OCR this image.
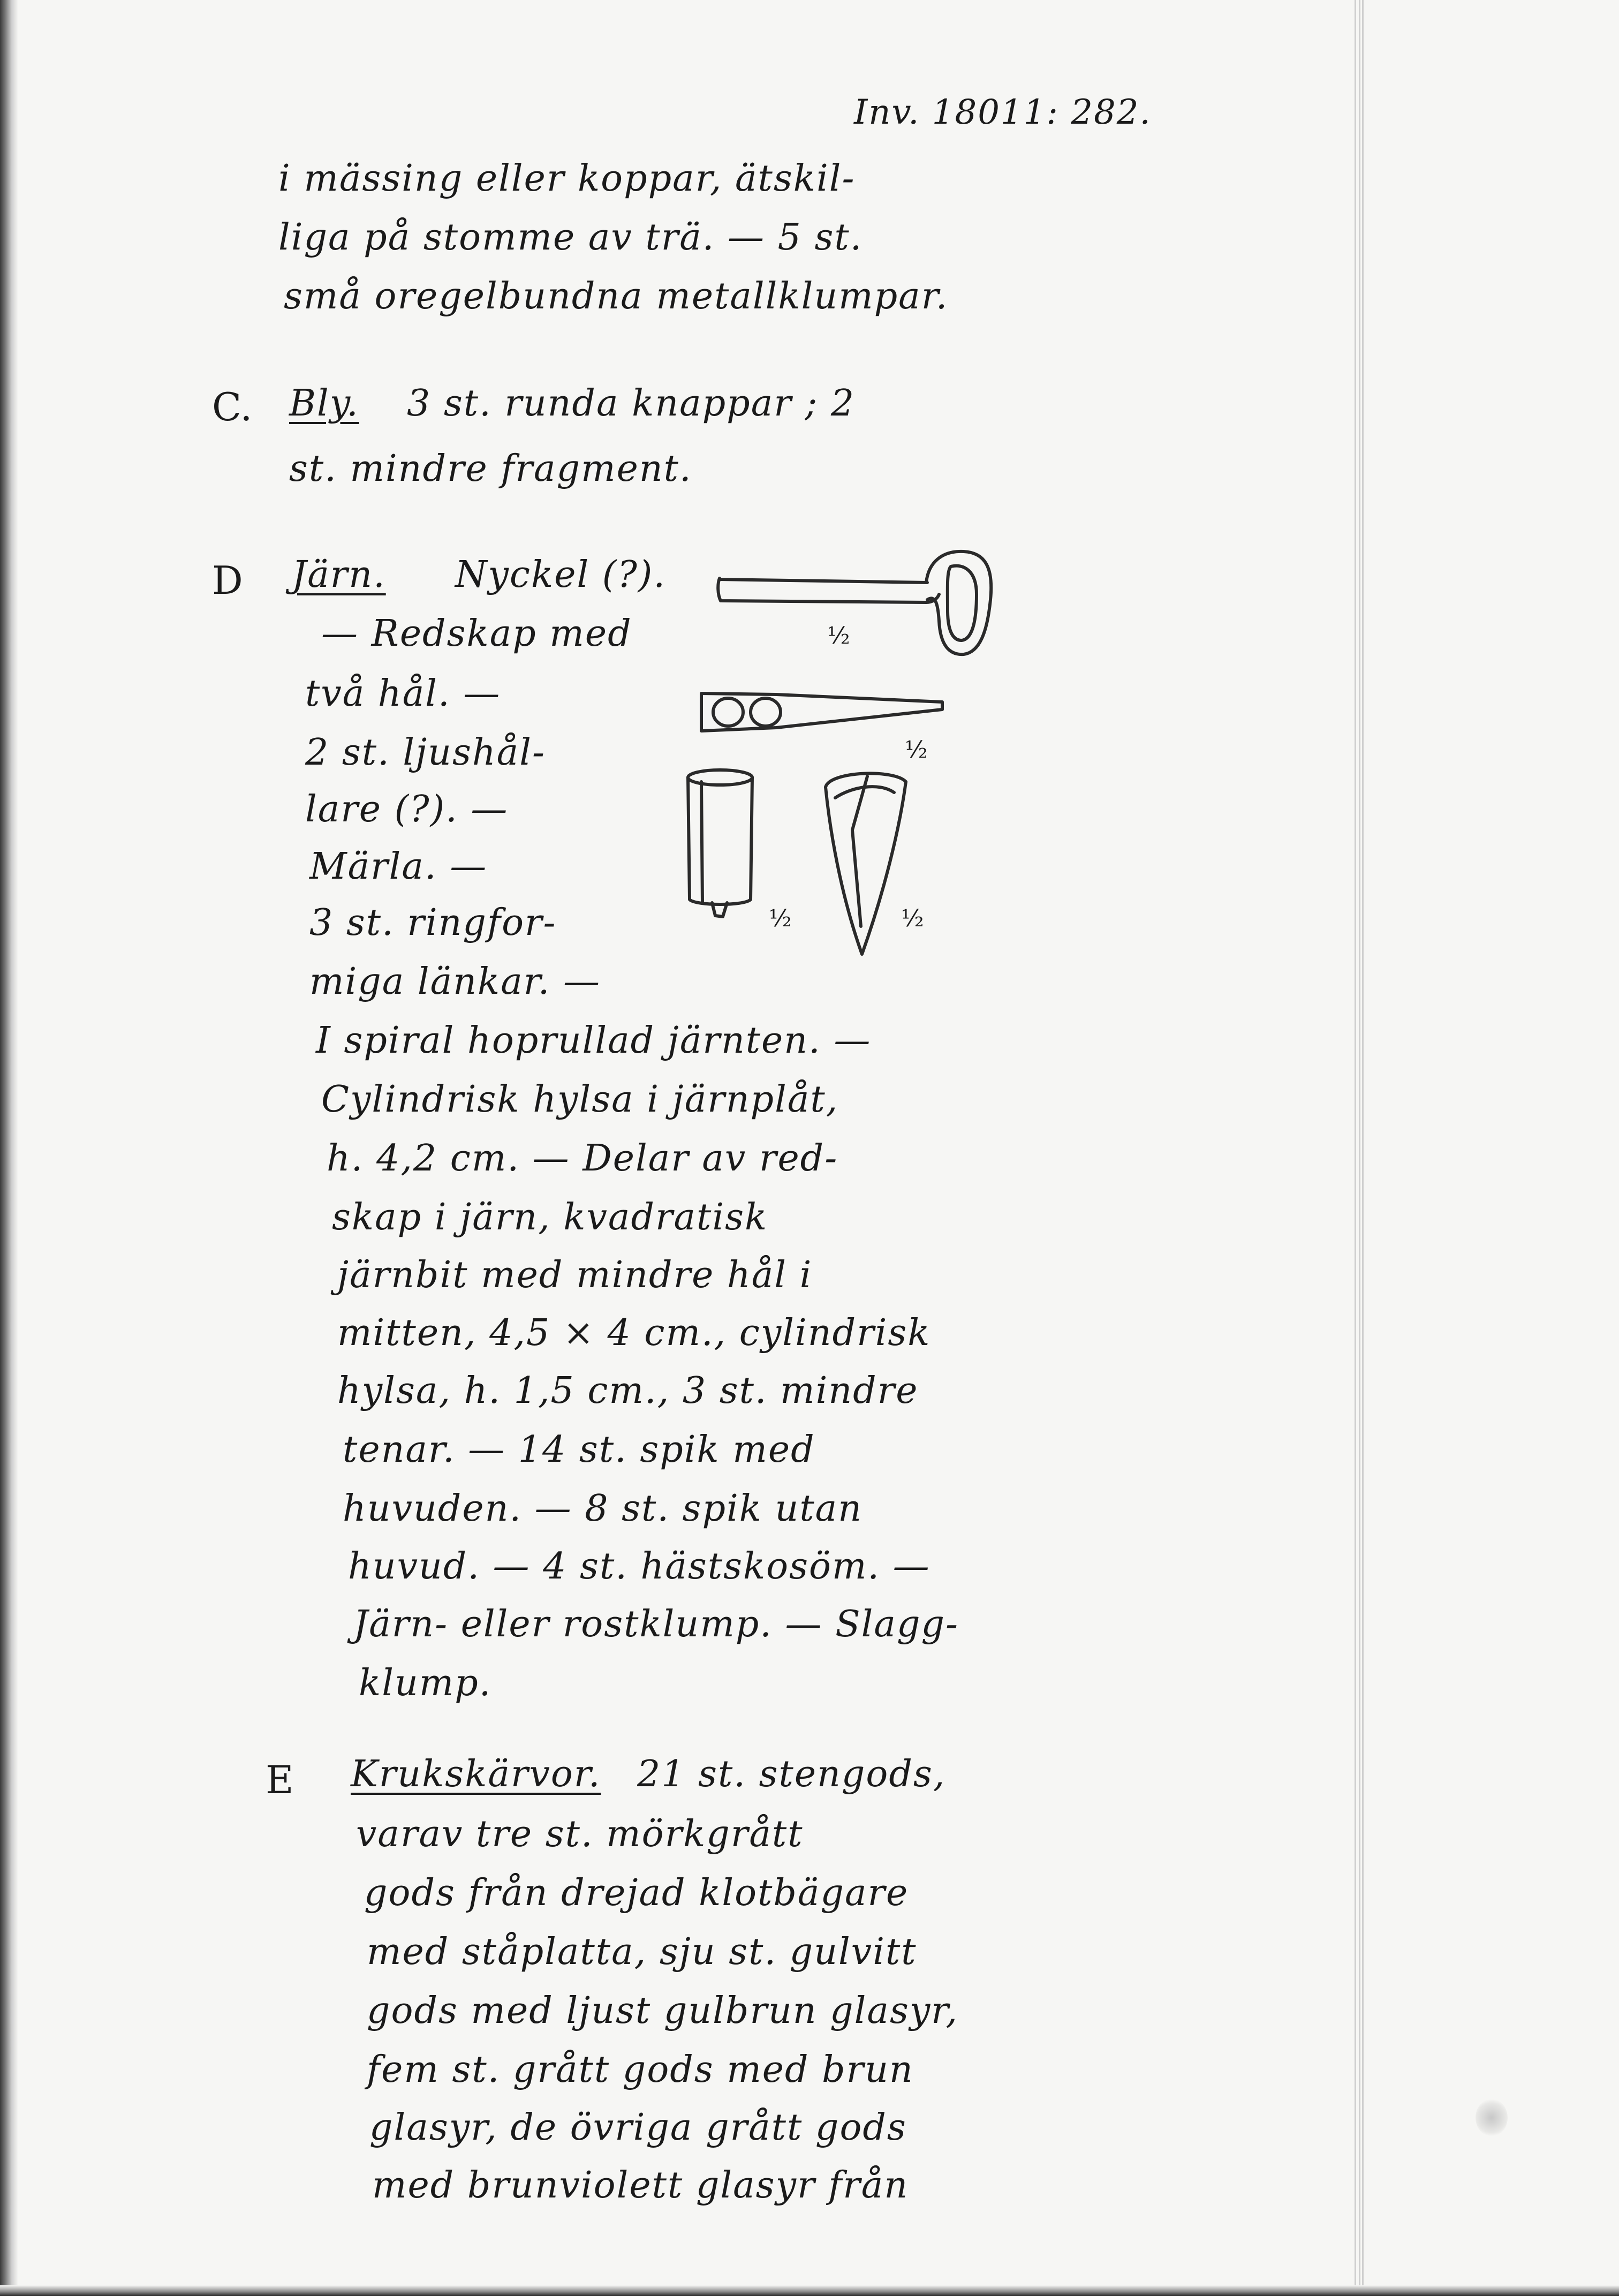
Inv. 18011: 282.
i mässing eller koppar, ätskil-
liga på stomme av trä. — 5 st.
små oregelbundna metallklumpar.
C. Bly. 3 st. runda knappar ; 2
st. mindre fragment.
D Järn. Nyckel (?).
— Redskap med
två hål. —
2 st. ljushål-
lare (?). —
Märla. —
3 st. ringfor-
miga länkar. —
I spiral hoprullad järnten. —
Cylindrisk hylsa i järnplåt,
h. 4,2 cm. — Delar av red-
skap i järn, kvadratisk
järnbit med mindre hål i
mitten, 4,5 × 4 cm., cylindrisk
hylsa, h. 1,5 cm., 3 st. mindre
tenar. — 14 st. spik med
huvuden. — 8 st. spik utan
huvud. — 4 st. hästskosöm. —
Järn- eller rostklump. — Slagg-
klump.
½
½
½	½
E Krukskärvor. 21 st. stengods,
varav tre st. mörkgrått
gods från drejad klotbägare
med ståplatta, sju st. gulvitt
gods med ljust gulbrun glasyr,
fem st. grått gods med brun
glasyr, de övriga grått gods
med brunviolett glasyr från
